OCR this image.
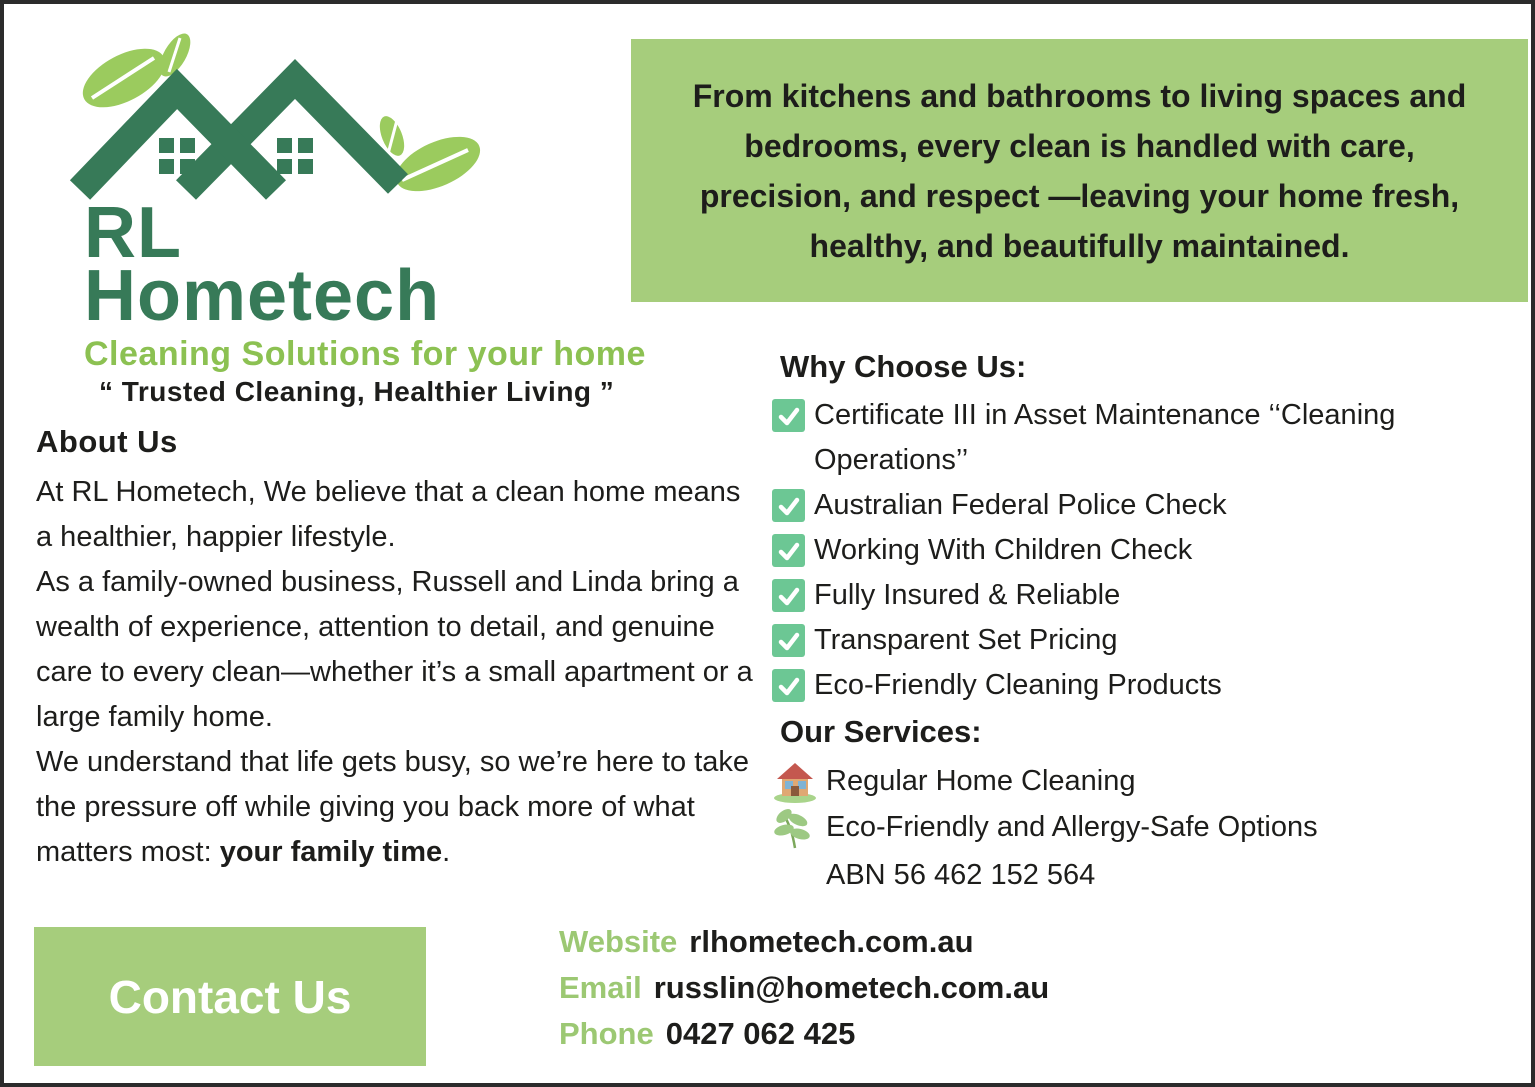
RL
Hometech
Cleaning Solutions for your home
“ Trusted Cleaning, Healthier Living ”
From kitchens and bathrooms to living spaces and bedrooms, every clean is handled with care, precision, and respect —leaving your home fresh, healthy, and beautifully maintained.
About Us

At RL Hometech, We believe that a clean home means a healthier, happier lifestyle.

As a family-owned business, Russell and Linda bring a wealth of experience, attention to detail, and genuine care to every clean—whether it’s a small apartment or a large family home.

We understand that life gets busy, so we’re here to take the pressure off while giving you back more of what matters most: your family time.

Why Choose Us:
Certificate III in Asset Maintenance ‘‘Cleaning Operations’’
Australian Federal Police Check
Working With Children Check
Fully Insured & Reliable
Transparent Set Pricing
Eco-Friendly Cleaning Products
Our Services:
Regular Home Cleaning
Eco-Friendly and Allergy-Safe Options
ABN 56 462 152 564
Contact Us
Website rlhometech.com.au
Email russlin@hometech.com.au
Phone 0427 062 425
